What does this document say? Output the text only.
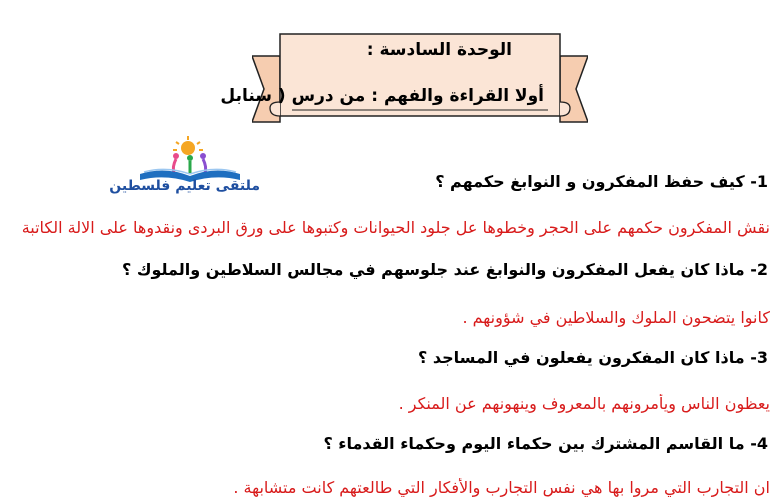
الوحدة السادسة :
أولا القراءة والفهم : من درس ( سنابل
ملتقى تعليم فلسطين	1- كيف حفظ المفكرون و النوابغ حكمهم ؟
نقش المفكرون حكمهم على الحجر وخطوها عل جلود الحيوانات وكتبوها على ورق البردى ونقدوها على الالة الكاتبة
2- ماذا كان يفعل المفكرون والنوابغ عند جلوسهم في مجالس السلاطين والملوك ؟
كانوا يتضحون الملوك والسلاطين في شؤونهم .
3- ماذا كان المفكرون يفعلون في المساجد ؟
يعظون الناس ويأمرونهم بالمعروف وينهونهم عن المنكر .
4- ما القاسم المشترك بين حكماء اليوم وحكماء القدماء ؟
ان التجارب التي مروا بها هي نفس التجارب والأفكار التي طالعتهم كانت متشابهة .
